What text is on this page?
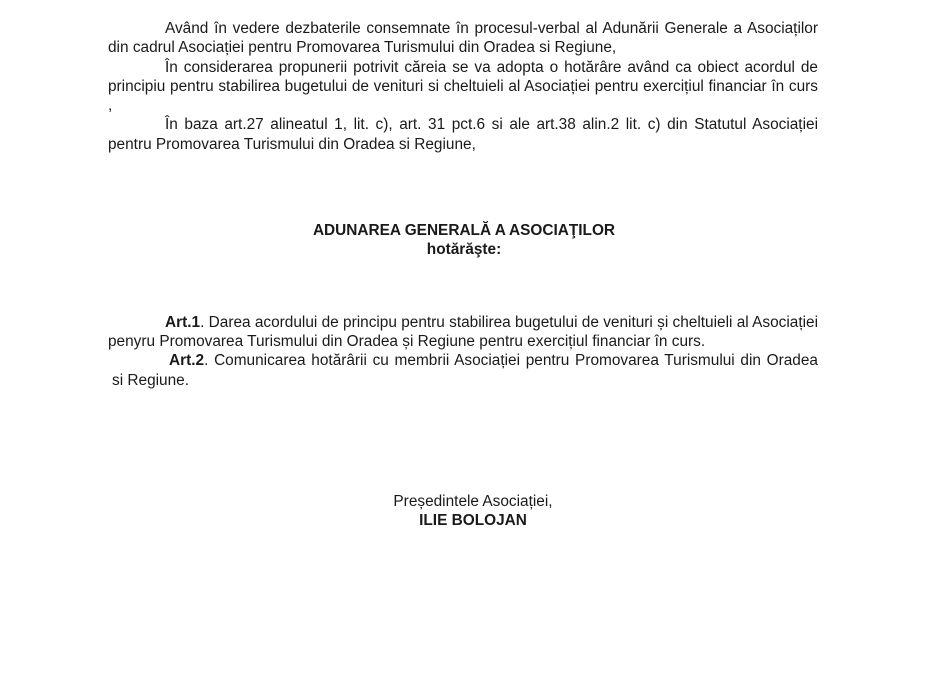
Având în vedere dezbaterile consemnate în procesul-verbal al Adunării Generale a Asociaților din cadrul Asociației pentru Promovarea Turismului din Oradea si Regiune,

În considerarea propunerii potrivit căreia se va adopta o hotărâre având ca obiect acordul de principiu pentru stabilirea bugetului de venituri si cheltuieli al Asociației pentru exercițiul financiar în curs ,

În baza art.27 alineatul 1, lit. c), art. 31 pct.6 si ale art.38 alin.2 lit. c) din Statutul Asociației pentru Promovarea Turismului din Oradea si Regiune,

ADUNAREA GENERALĂ A ASOCIAŢILOR

hotărăşte:

Art.1. Darea acordului de principu pentru stabilirea bugetului de venituri și cheltuieli al Asociației penyru Promovarea Turismului din Oradea și Regiune pentru exercițiul financiar în curs.

Art.2. Comunicarea hotărârii cu membrii Asociației pentru Promovarea Turismului din Oradea si Regiune.

Președintele Asociației,

ILIE BOLOJAN
